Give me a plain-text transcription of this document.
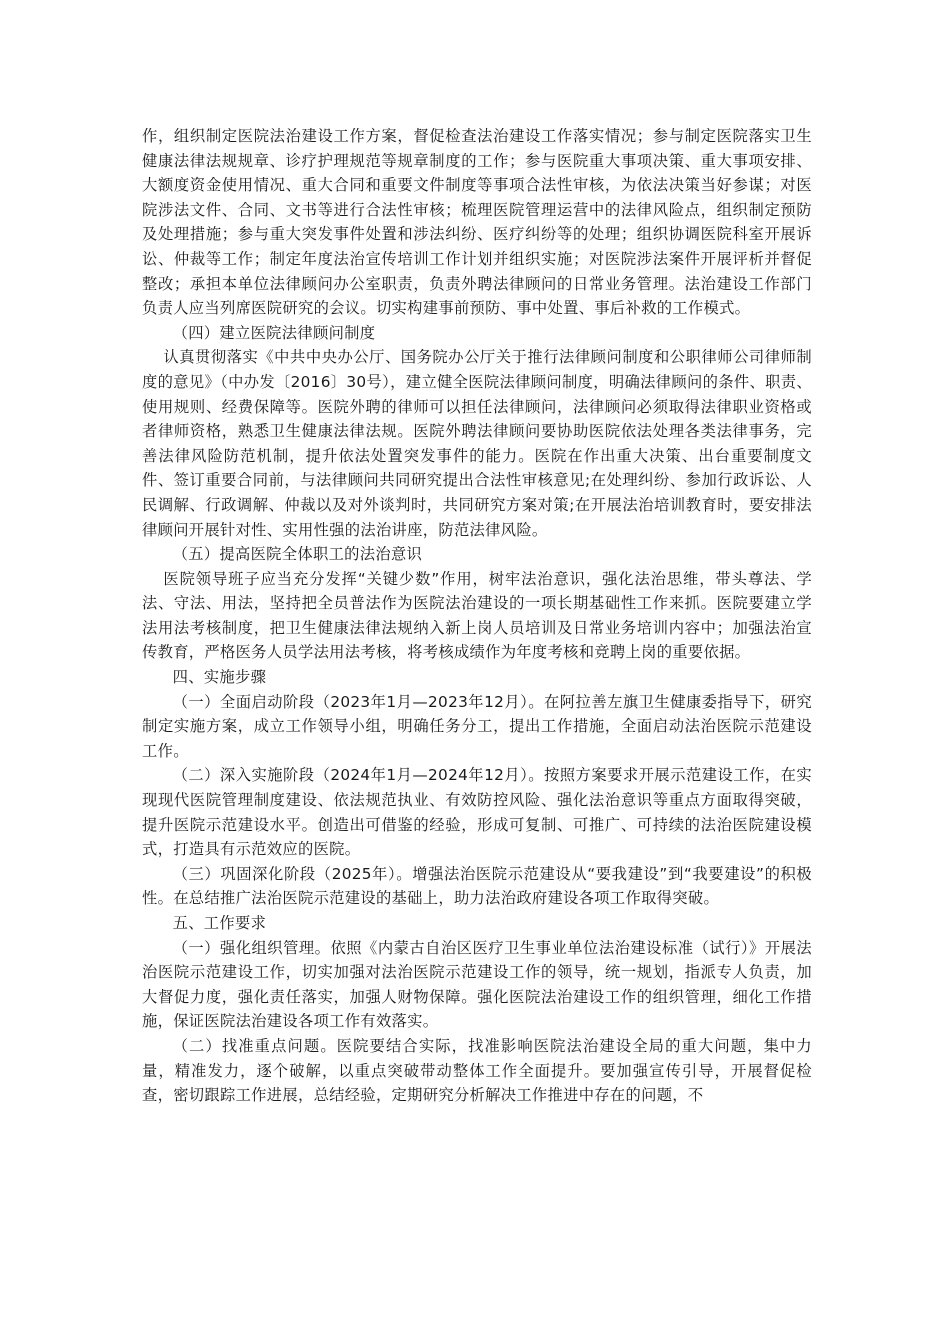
作，组织制定医院法治建设工作方案，督促检查法治建设工作落实情况；参与制定医院落实卫生健康法律法规规章、诊疗护理规范等规章制度的工作；参与医院重大事项决策、重大事项安排、大额度资金使用情况、重大合同和重要文件制度等事项合法性审核，为依法决策当好参谋；对医院涉法文件、合同、文书等进行合法性审核；梳理医院管理运营中的法律风险点，组织制定预防及处理措施；参与重大突发事件处置和涉法纠纷、医疗纠纷等的处理；组织协调医院科室开展诉讼、仲裁等工作；制定年度法治宣传培训工作计划并组织实施；对医院涉法案件开展评析并督促整改；承担本单位法律顾问办公室职责，负责外聘法律顾问的日常业务管理。法治建设工作部门负责人应当列席医院研究的会议。切实构建事前预防、事中处置、事后补救的工作模式。

（四）建立医院法律顾问制度

认真贯彻落实《中共中央办公厅、国务院办公厅关于推行法律顾问制度和公职律师公司律师制度的意见》（中办发〔2016〕30号），建立健全医院法律顾问制度，明确法律顾问的条件、职责、使用规则、经费保障等。医院外聘的律师可以担任法律顾问，法律顾问必须取得法律职业资格或者律师资格，熟悉卫生健康法律法规。医院外聘法律顾问要协助医院依法处理各类法律事务，完善法律风险防范机制，提升依法处置突发事件的能力。医院在作出重大决策、出台重要制度文件、签订重要合同前，与法律顾问共同研究提出合法性审核意见;在处理纠纷、参加行政诉讼、人民调解、行政调解、仲裁以及对外谈判时，共同研究方案对策;在开展法治培训教育时，要安排法律顾问开展针对性、实用性强的法治讲座，防范法律风险。

（五）提高医院全体职工的法治意识

医院领导班子应当充分发挥“关键少数”作用，树牢法治意识，强化法治思维，带头尊法、学法、守法、用法，坚持把全员普法作为医院法治建设的一项长期基础性工作来抓。医院要建立学法用法考核制度，把卫生健康法律法规纳入新上岗人员培训及日常业务培训内容中；加强法治宣传教育，严格医务人员学法用法考核，将考核成绩作为年度考核和竞聘上岗的重要依据。

四、实施步骤

（一）全面启动阶段（2023年1月—2023年12月）。在阿拉善左旗卫生健康委指导下，研究制定实施方案，成立工作领导小组，明确任务分工，提出工作措施，全面启动法治医院示范建设工作。

（二）深入实施阶段（2024年1月—2024年12月）。按照方案要求开展示范建设工作，在实现现代医院管理制度建设、依法规范执业、有效防控风险、强化法治意识等重点方面取得突破，提升医院示范建设水平。创造出可借鉴的经验，形成可复制、可推广、可持续的法治医院建设模式，打造具有示范效应的医院。

（三）巩固深化阶段（2025年）。增强法治医院示范建设从“要我建设”到“我要建设”的积极性。在总结推广法治医院示范建设的基础上，助力法治政府建设各项工作取得突破。

五、工作要求

（一）强化组织管理。依照《内蒙古自治区医疗卫生事业单位法治建设标准（试行）》开展法治医院示范建设工作，切实加强对法治医院示范建设工作的领导，统一规划，指派专人负责，加大督促力度，强化责任落实，加强人财物保障。强化医院法治建设工作的组织管理，细化工作措施，保证医院法治建设各项工作有效落实。

（二）找准重点问题。医院要结合实际，找准影响医院法治建设全局的重大问题，集中力量，精准发力，逐个破解，以重点突破带动整体工作全面提升。要加强宣传引导，开展督促检查，密切跟踪工作进展，总结经验，定期研究分析解决工作推进中存在的问题，不
